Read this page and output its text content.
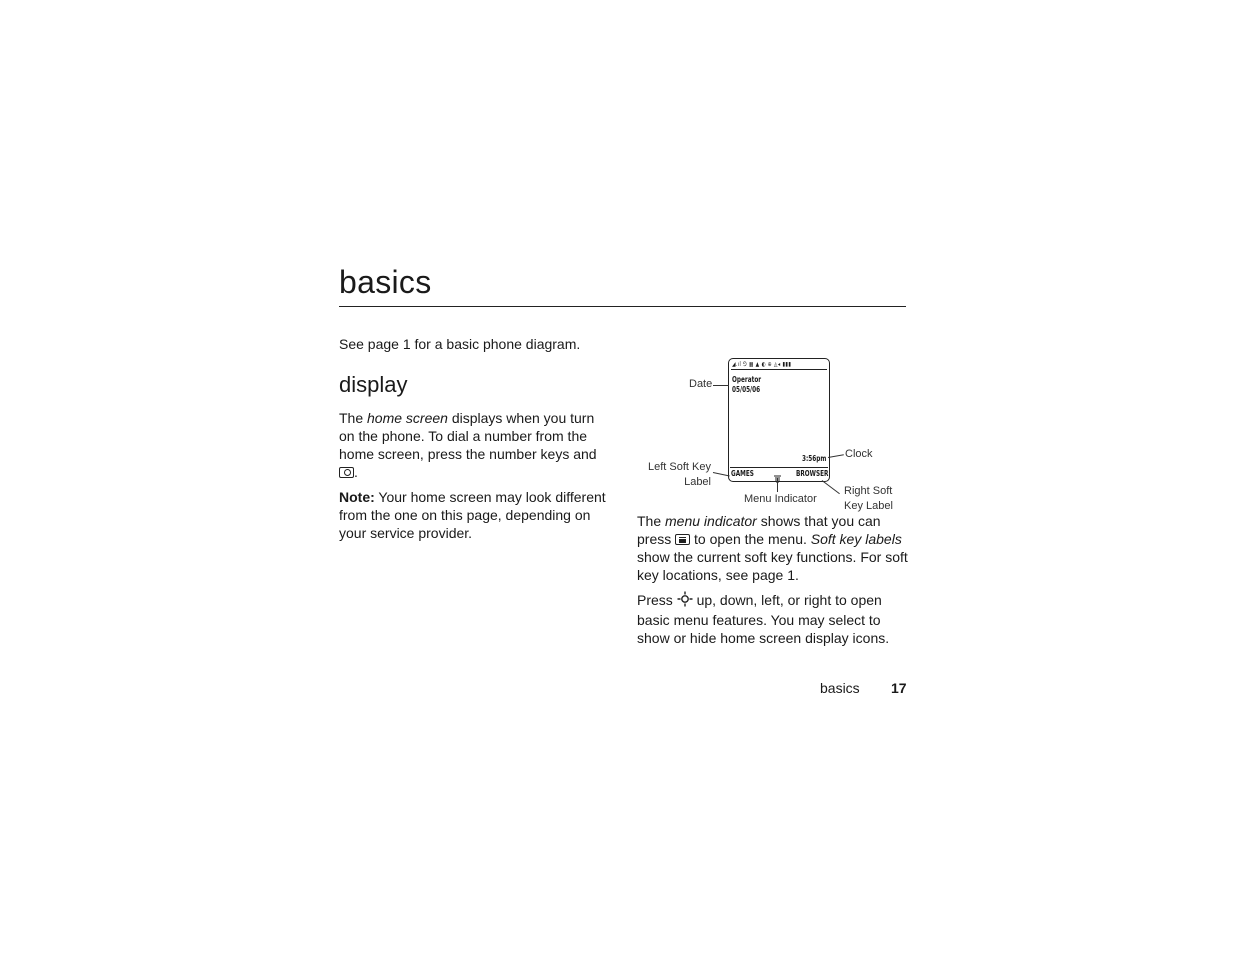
basics
See page 1 for a basic phone diagram.
display

The home screen displays when you turn on the phone. To dial a number from the home screen, press the number keys and .

Note: Your home screen may look different from the one on this page, depending on your service provider.

◢.ıl ⅁ ▦ ▲ ◐ ⊕ ◬◂ ▮▮▮
Operator
05/05/06
3:56pm
GAMES	BROWSER
Date
Clock
Left Soft Key
Label
Menu Indicator
Right Soft
Key Label

The menu indicator shows that you can press  to open the menu. Soft key labels show the current soft key functions. For soft key locations, see page 1.

Press  up, down, left, or right to open basic menu features. You may select to show or hide home screen display icons.

basics 17
